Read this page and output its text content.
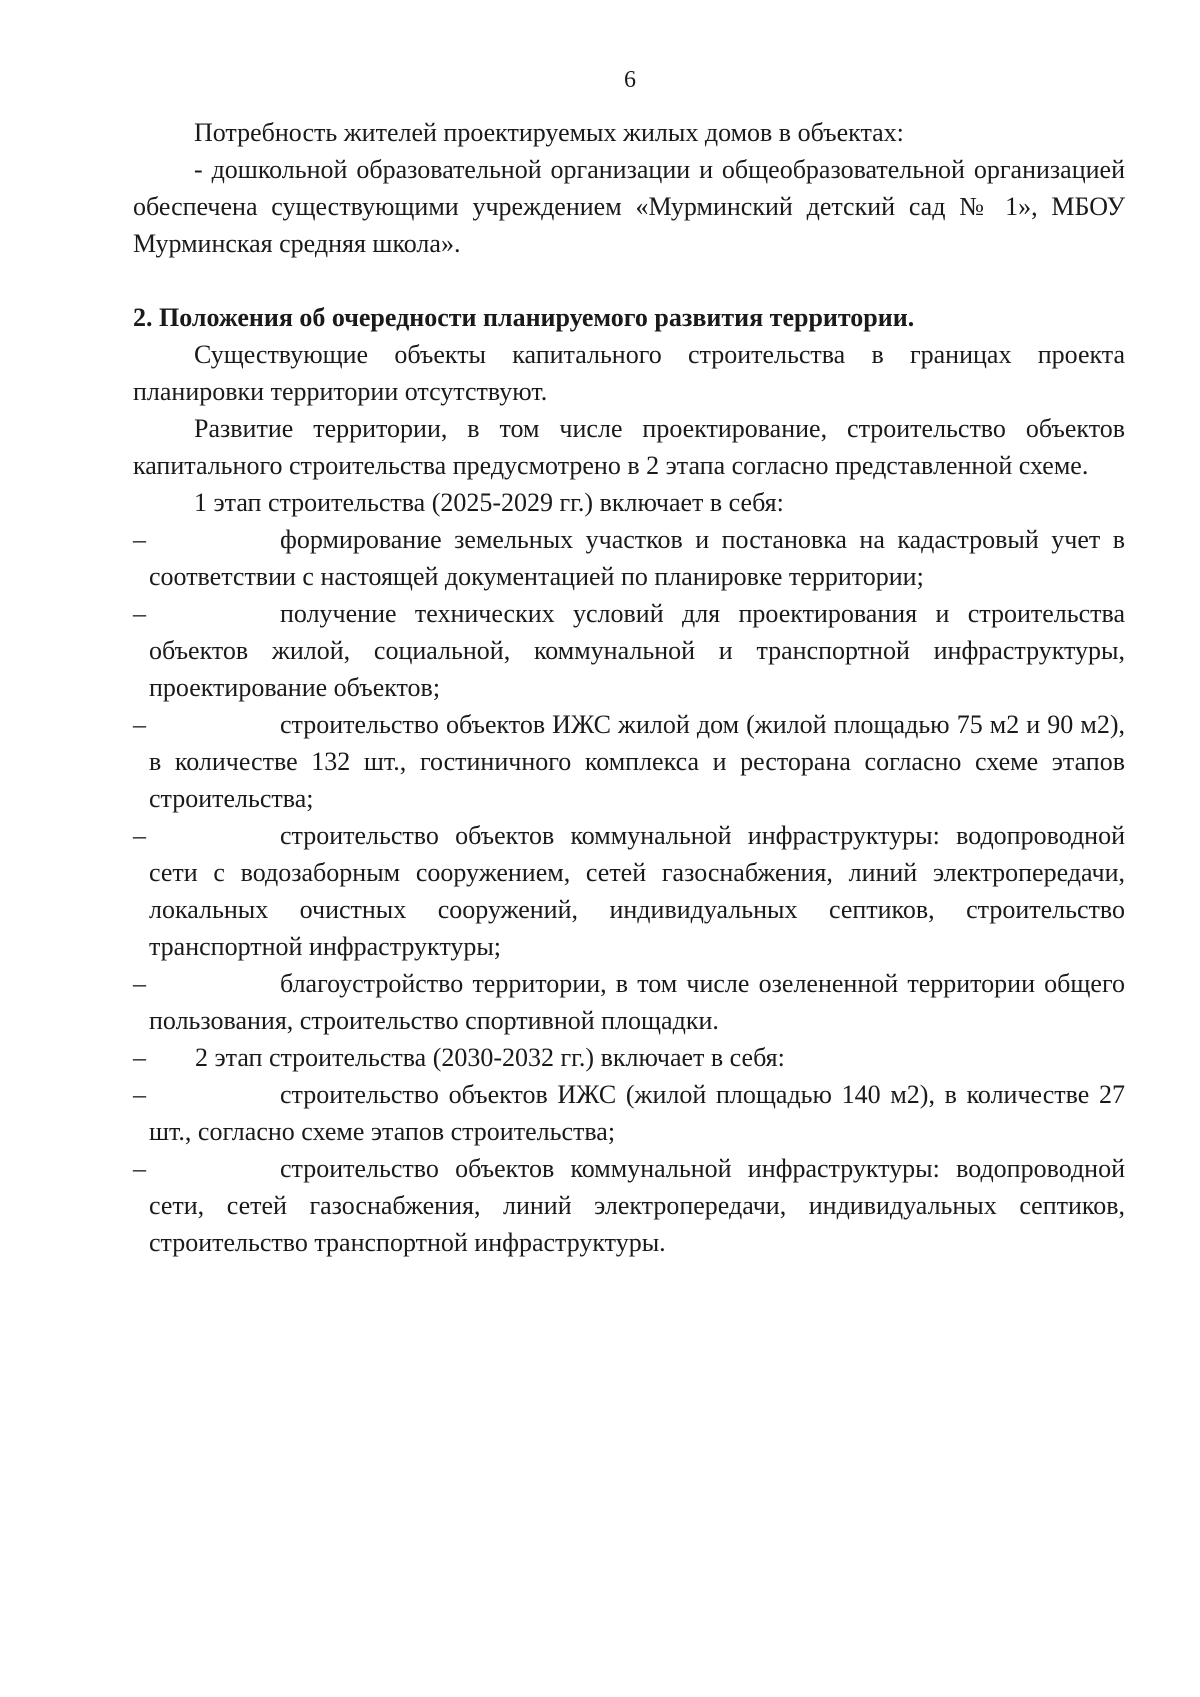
6

Потребность жителей проектируемых жилых домов в объектах:

- дошкольной образовательной организации и общеобразовательной организацией обеспечена существующими учреждением «Мурминский детский сад № 1», МБОУ Мурминская средняя школа».

2. Положения об очередности планируемого развития территории.

Существующие объекты капитального строительства в границах проекта планировки территории отсутствуют.

Развитие территории, в том числе проектирование, строительство объектов капитального строительства предусмотрено в 2 этапа согласно представленной схеме.

1 этап строительства (2025-2029 гг.) включает в себя:

–	формирование земельных участков и постановка на кадастровый учет в соответствии с настоящей документацией по планировке территории;
–	получение технических условий для проектирования и строительства объектов жилой, социальной, коммунальной и транспортной инфраструктуры, проектирование объектов;
–	строительство объектов ИЖС жилой дом (жилой площадью 75 м2 и 90 м2), в количестве 132 шт., гостиничного комплекса и ресторана согласно схеме этапов строительства;
–	строительство объектов коммунальной инфраструктуры: водопроводной сети с водозаборным сооружением, сетей газоснабжения, линий электропередачи, локальных очистных сооружений, индивидуальных септиков, строительство транспортной инфраструктуры;
–	благоустройство территории, в том числе озелененной территории общего пользования, строительство спортивной площадки.
– 2 этап строительства (2030-2032 гг.) включает в себя:
–	строительство объектов ИЖС (жилой площадью 140 м2), в количестве 27 шт., согласно схеме этапов строительства;
–	строительство объектов коммунальной инфраструктуры: водопроводной сети, сетей газоснабжения, линий электропередачи, индивидуальных септиков, строительство транспортной инфраструктуры.
